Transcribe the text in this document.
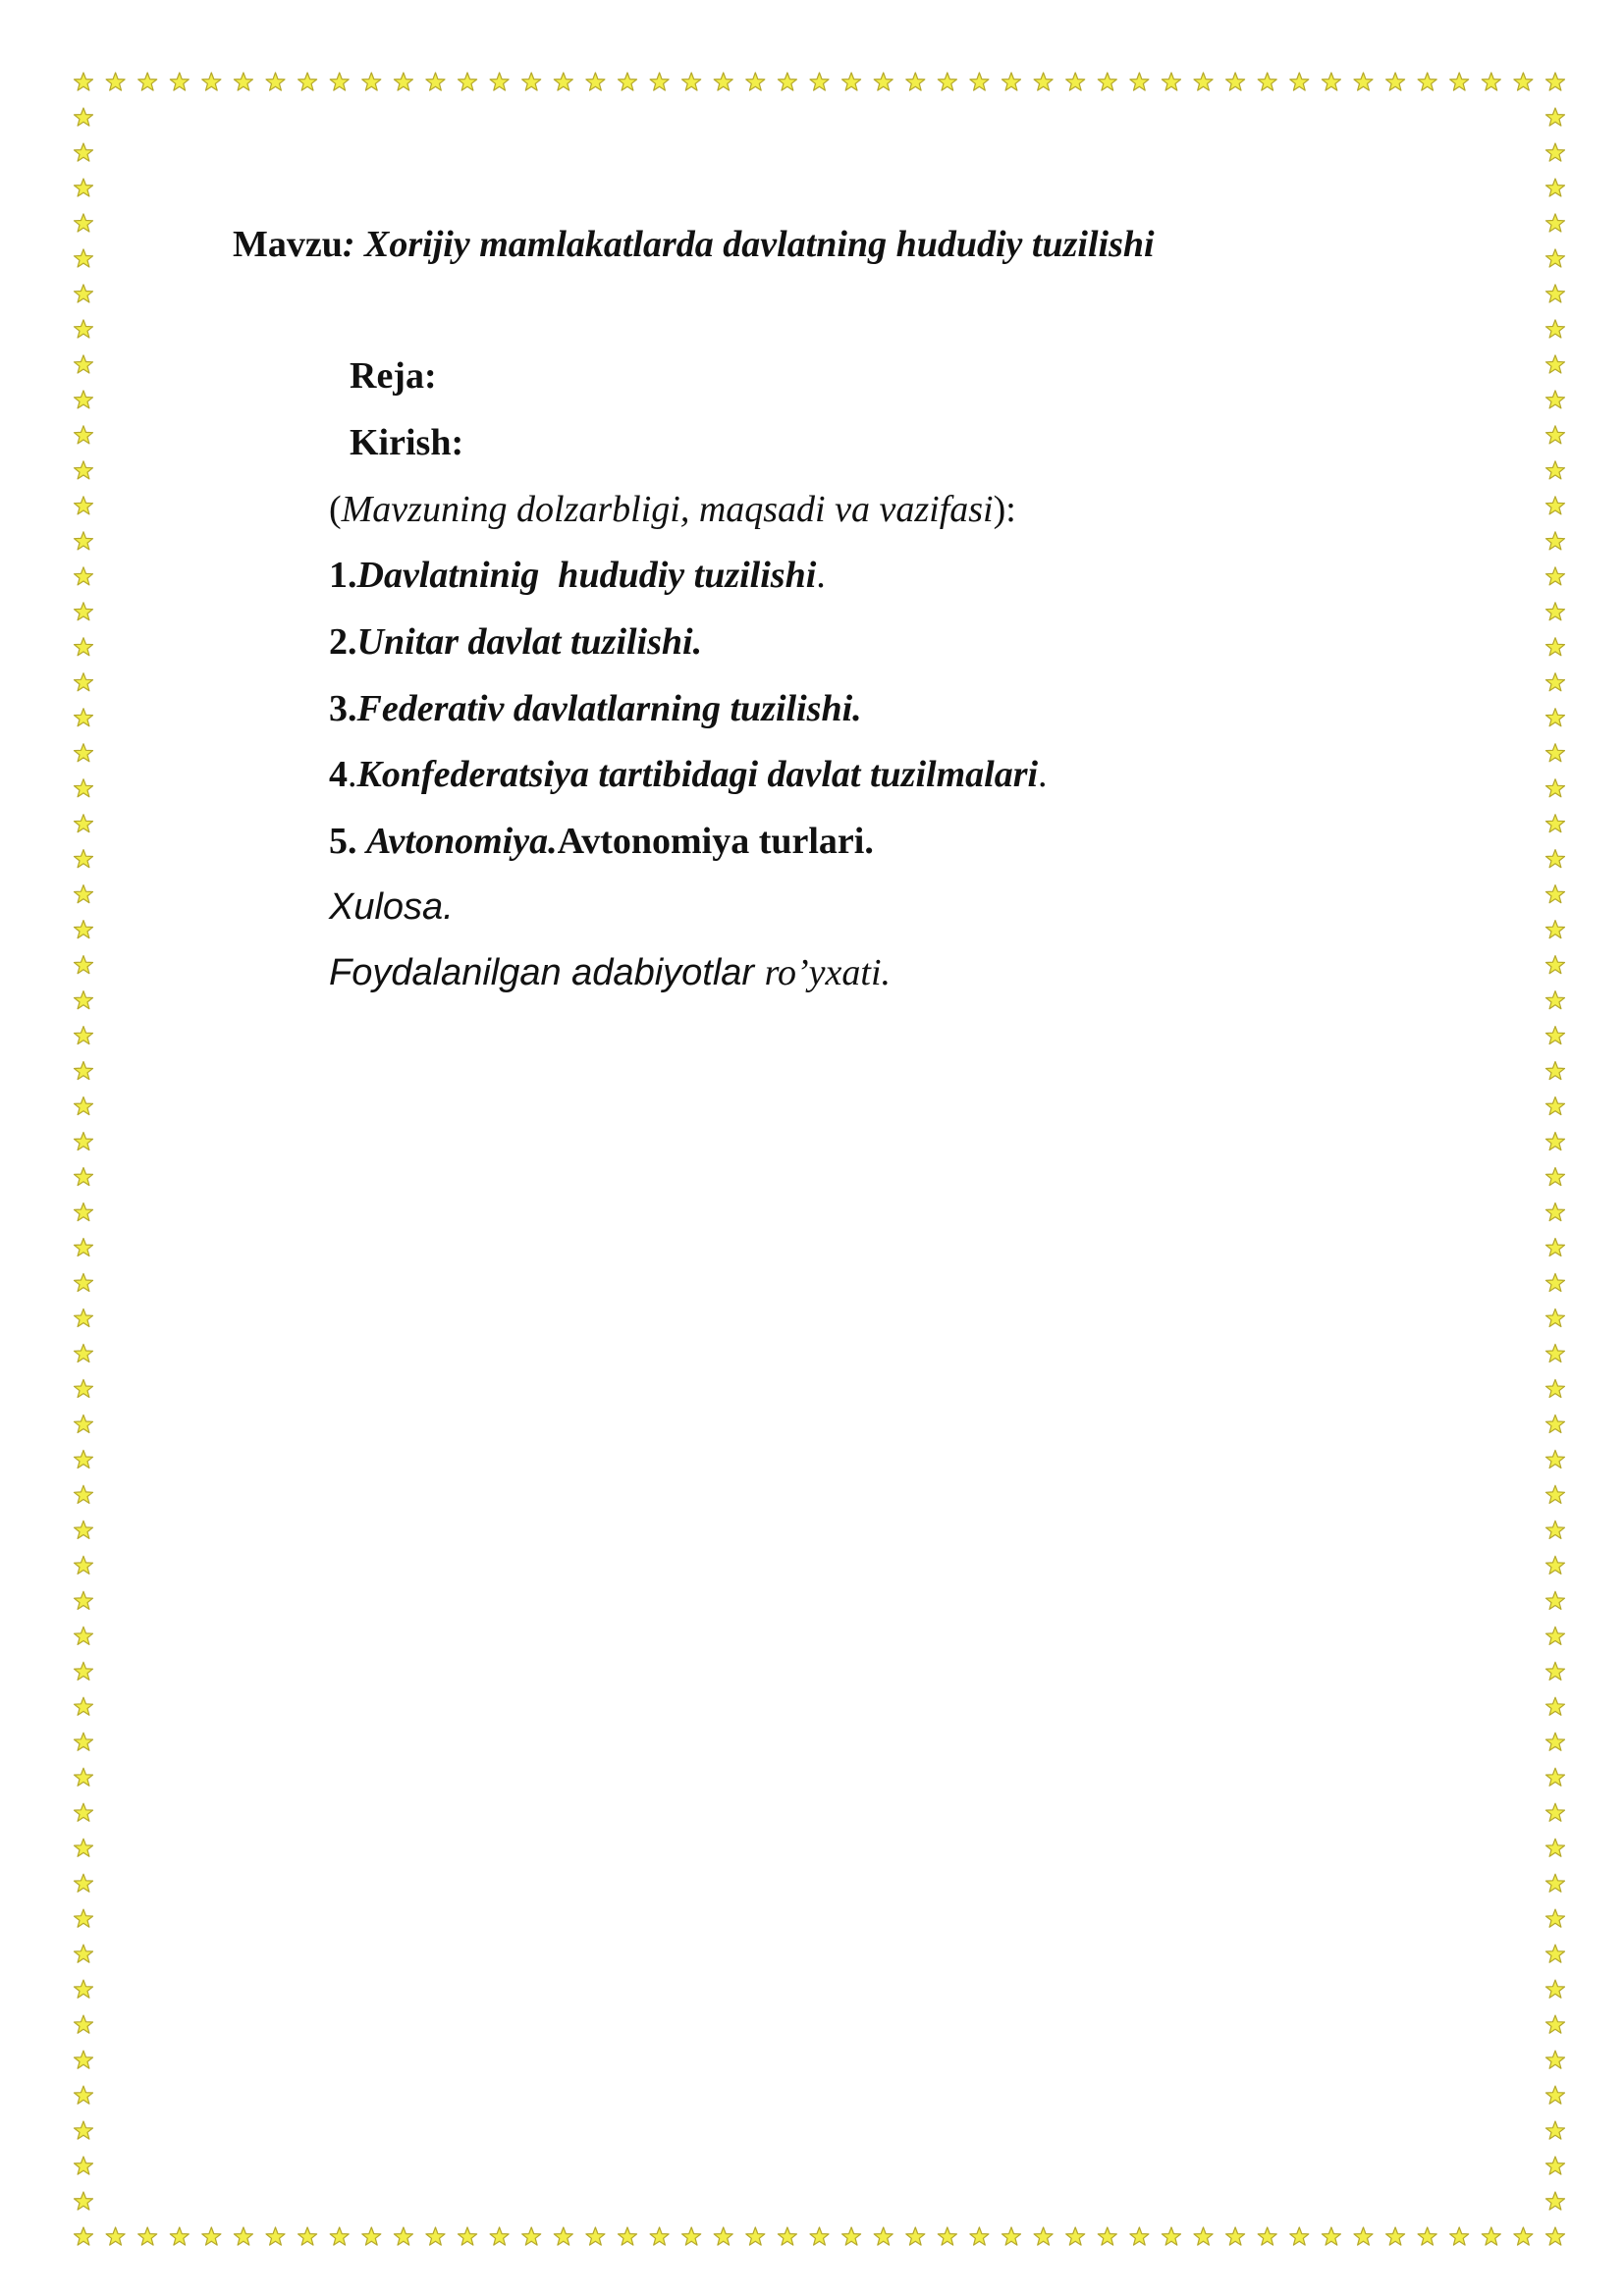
Mavzu: Xorijiy mamlakatlarda davlatning hududiy tuzilishi
Reja:
Kirish:
(Mavzuning dolzarbligi, maqsadi va vazifasi):
1.Davlatninig  hududiy tuzilishi.
2.Unitar davlat tuzilishi.
3.Federativ davlatlarning tuzilishi.
4.Konfederatsiya tartibidagi davlat tuzilmalari.
5. Avtonomiya.Avtonomiya turlari.
Xulosa.
Foydalanilgan adabiyotlar ro’yxati.
